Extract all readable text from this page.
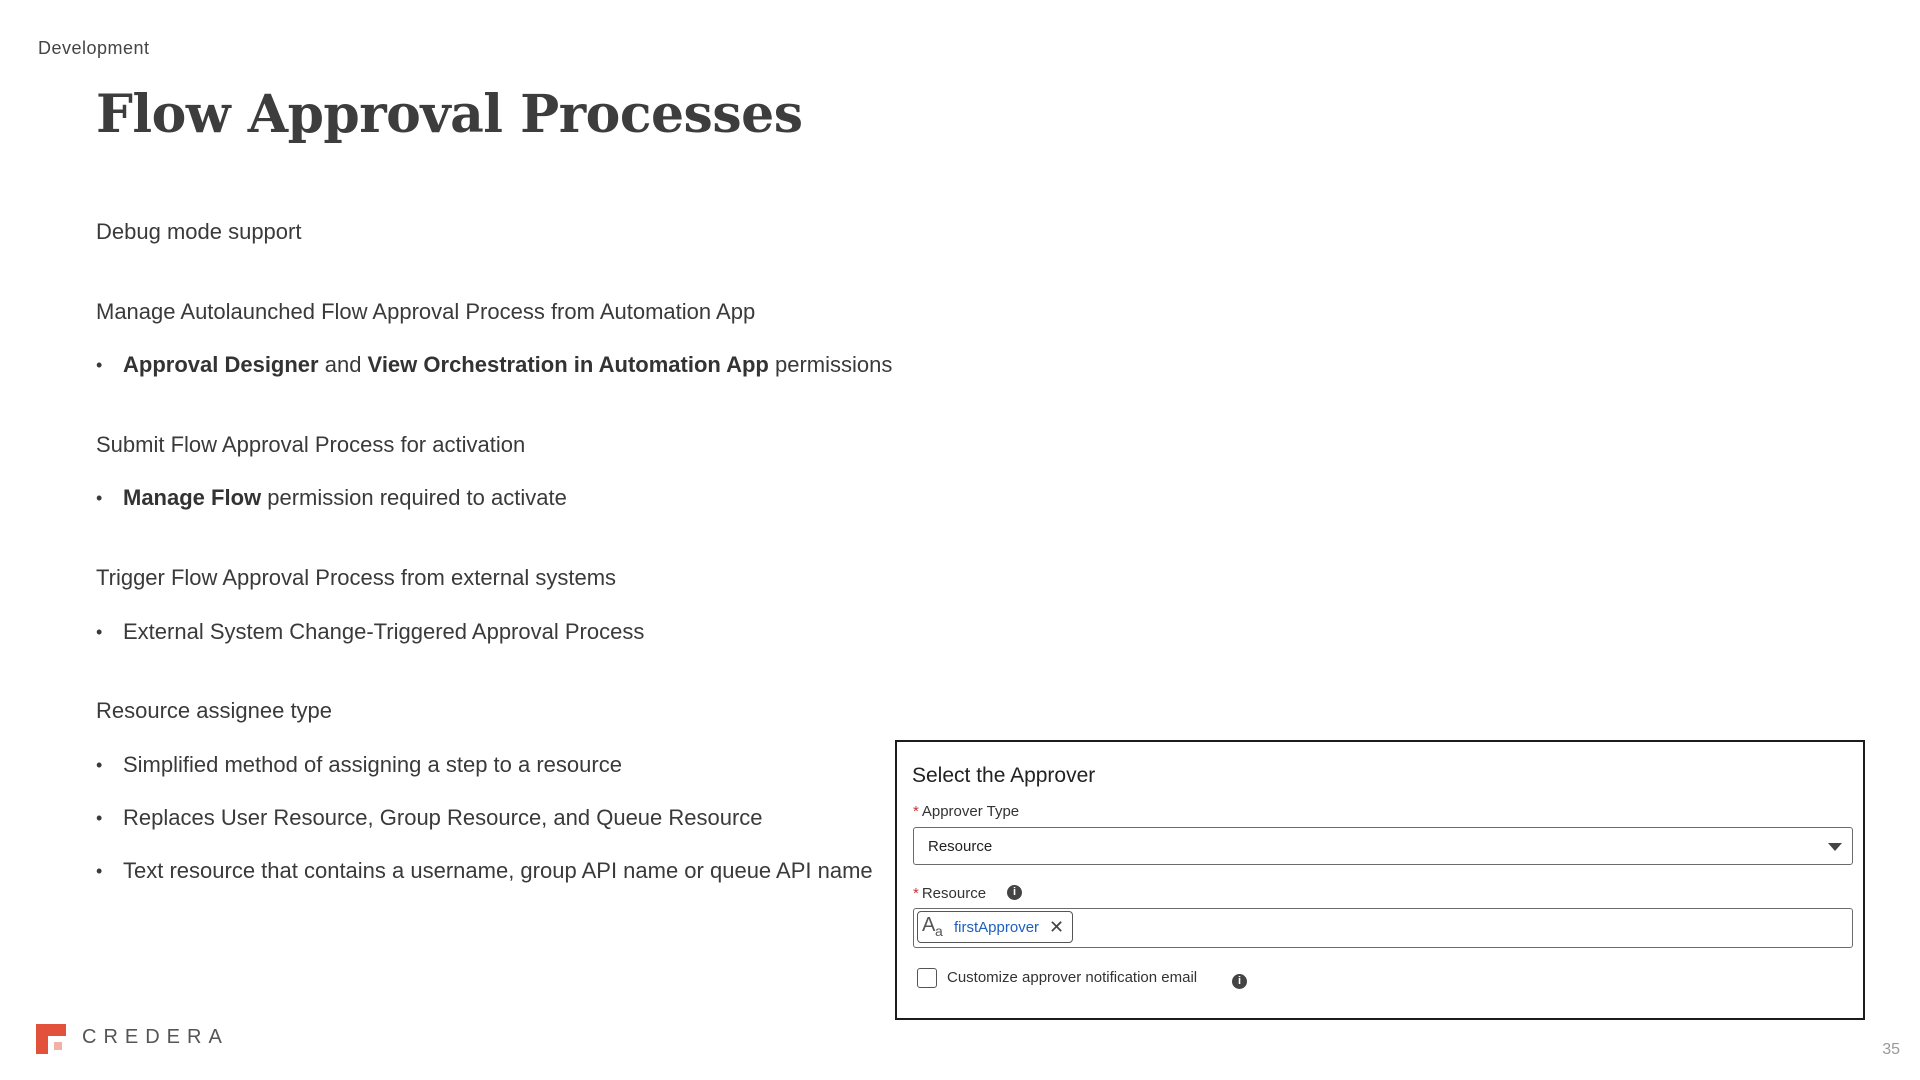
Development
Flow Approval Processes
Debug mode support
Manage Autolaunched Flow Approval Process from Automation App
• Approval Designer and View Orchestration in Automation App permissions
Submit Flow Approval Process for activation
• Manage Flow permission required to activate
Trigger Flow Approval Process from external systems
• External System Change-Triggered Approval Process
Resource assignee type
• Simplified method of assigning a step to a resource
• Replaces User Resource, Group Resource, and Queue Resource
• Text resource that contains a username, group API name or queue API name
Select the Approver
* Approver Type
Resource
* Resource	i
A a firstApprover ✕
Customize approver notification email	i
CREDERA
35
